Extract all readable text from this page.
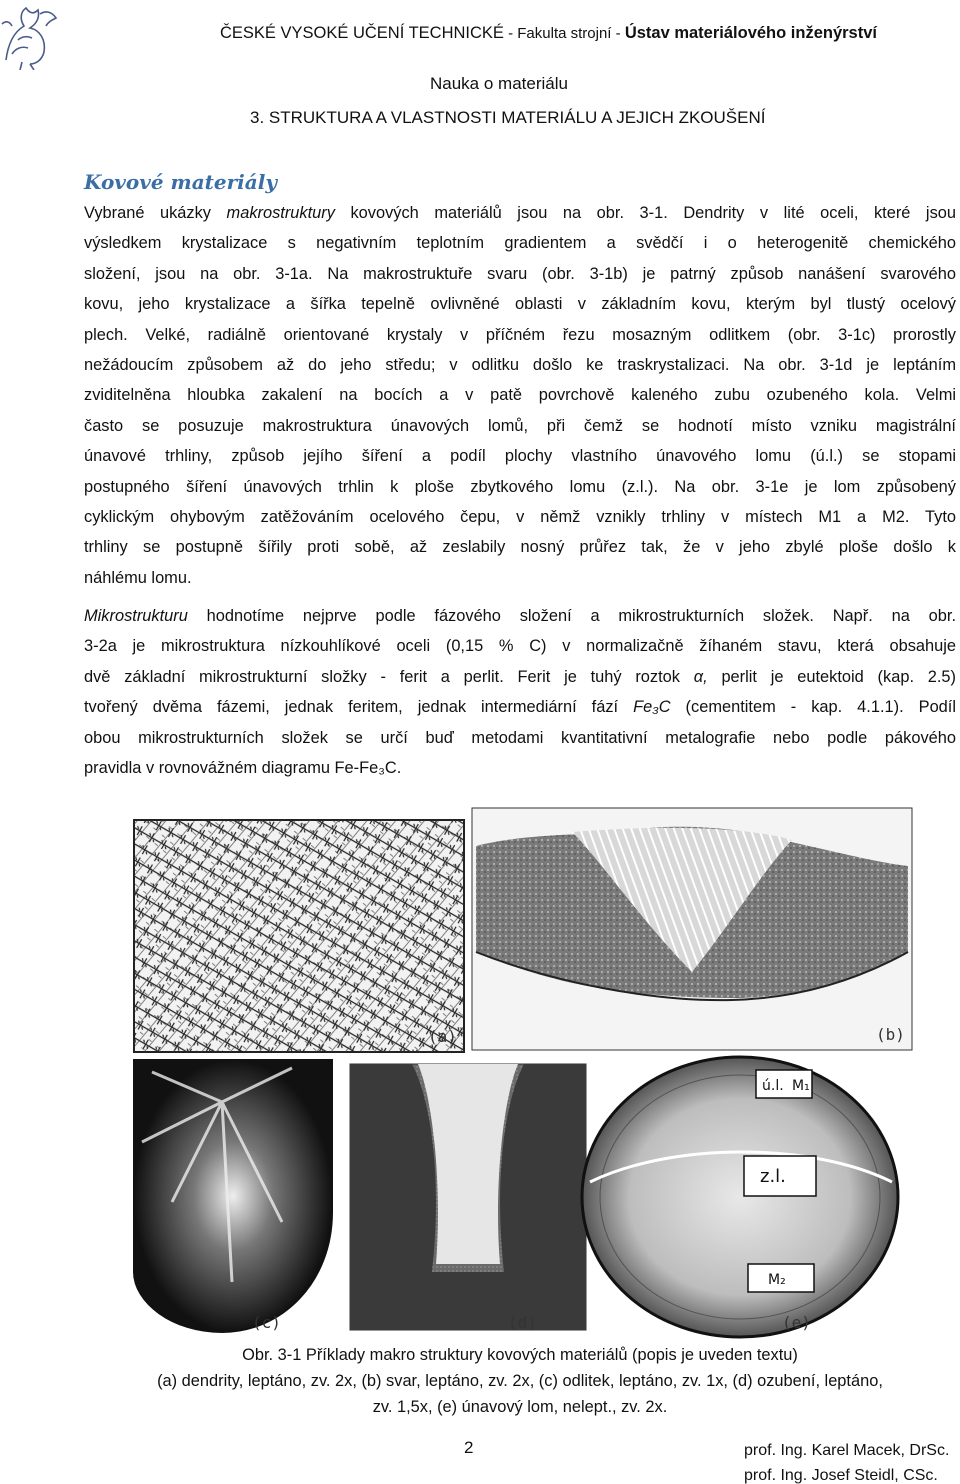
ČESKÉ VYSOKÉ UČENÍ TECHNICKÉ - Fakulta strojní - Ústav materiálového inženýrství
Nauka o materiálu
3. STRUKTURA A VLASTNOSTI MATERIÁLU A JEJICH ZKOUŠENÍ
Kovové materiály
Vybrané ukázky makrostruktury kovových materiálů jsou na obr. 3-1. Dendrity v lité oceli, které jsou
výsledkem krystalizace s negativním teplotním gradientem a svědčí i o heterogenitě chemického
složení, jsou na obr. 3-1a. Na makrostruktuře svaru (obr. 3-1b) je patrný způsob nanášení svarového
kovu, jeho krystalizace a šířka tepelně ovlivněné oblasti v základním kovu, kterým byl tlustý ocelový
plech. Velké, radiálně orientované krystaly v příčném řezu mosazným odlitkem (obr. 3-1c) prorostly
nežádoucím způsobem až do jeho středu; v odlitku došlo ke traskrystalizaci. Na obr. 3-1d je leptáním
zviditelněna hloubka zakalení na bocích a v patě povrchově kaleného zubu ozubeného kola. Velmi
často se posuzuje makrostruktura únavových lomů, při čemž se hodnotí místo vzniku magistrální
únavové trhliny, způsob jejího šíření a podíl plochy vlastního únavového lomu (ú.l.) se stopami
postupného šíření únavových trhlin k ploše zbytkového lomu (z.l.). Na obr. 3-1e je lom způsobený
cyklickým ohybovým zatěžováním ocelového čepu, v němž vznikly trhliny v místech M1 a M2. Tyto
trhliny se postupně šířily proti sobě, až zeslabily nosný průřez tak, že v jeho zbylé ploše došlo k
náhlému lomu.
Mikrostrukturu hodnotíme nejprve podle fázového složení a mikrostrukturních složek. Např. na obr.
3-2a je mikrostruktura nízkouhlíkové oceli (0,15 % C) v normalizačně žíhaném stavu, která obsahuje
dvě základní mikrostrukturní složky - ferit a perlit. Ferit je tuhý roztok α, perlit je eutektoid (kap. 2.5)
tvořený dvěma fázemi, jednak feritem, jednak intermediární fází Fe₃C (cementitem - kap. 4.1.1). Podíl
obou mikrostrukturních složek se určí buď metodami kvantitativní metalografie nebo podle pákového
pravidla v rovnovážném diagramu Fe-Fe₃C.
(a)	(b)
(c)	(d)	(e)
ú.l. M₁
z.l.
M₂
Obr. 3-1 Příklady makro struktury kovových materiálů (popis je uveden textu)
(a) dendrity, leptáno, zv. 2x, (b) svar, leptáno, zv. 2x, (c) odlitek, leptáno, zv. 1x, (d) ozubení, leptáno,
zv. 1,5x, (e) únavový lom, nelept., zv. 2x.
2	prof. Ing. Karel Macek, DrSc.
prof. Ing. Josef Steidl, CSc.
